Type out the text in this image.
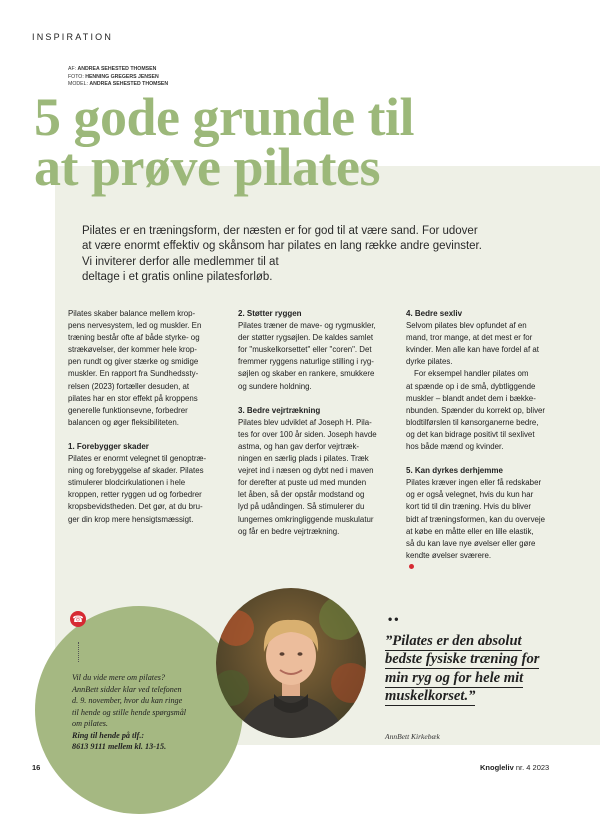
INSPIRATION
AF: ANDREA SEHESTED THOMSEN
FOTO: HENNING GREGERS JENSEN
MODEL: ANDREA SEHESTED THOMSEN
5 gode grunde til
at prøve pilates
Pilates er en træningsform, der næsten er for god til at være sand. For udover
at være enormt effektiv og skånsom har pilates en lang række andre gevinster.
Vi inviterer derfor alle medlemmer til at
deltage i et gratis online pilatesforløb.

Pilates skaber balance mellem krop-
pens nervesystem, led og muskler. En
træning består ofte af både styrke- og
strækøvelser, der kommer hele krop-
pen rundt og giver stærke og smidige
muskler. En rapport fra Sundhedssty-
relsen (2023) fortæller desuden, at
pilates har en stor effekt på kroppens
generelle funktionsevne, forbedrer
balancen og øger fleksibiliteten.

1. Forebygger skader

Pilates er enormt velegnet til genoptræ-
ning og forebyggelse af skader. Pilates
stimulerer blodcirkulationen i hele
kroppen, retter ryggen ud og forbedrer
kropsbevidstheden. Det gør, at du bru-
ger din krop mere hensigtsmæssigt.

2. Støtter ryggen

Pilates træner de mave- og rygmuskler,
der støtter rygsøjlen. De kaldes samlet
for "muskelkorsettet" eller "coren". Det
fremmer ryggens naturlige stilling i ryg-
søjlen og skaber en rankere, smukkere
og sundere holdning.

3. Bedre vejrtrækning

Pilates blev udviklet af Joseph H. Pila-
tes for over 100 år siden. Joseph havde
astma, og han gav derfor vejrtræk-
ningen en særlig plads i pilates. Træk
vejret ind i næsen og dybt ned i maven
for derefter at puste ud med munden
let åben, så der opstår modstand og
lyd på udåndingen. Så stimulerer du
lungernes omkringliggende muskulatur
og får en bedre vejrtrækning.

4. Bedre sexliv

Selvom pilates blev opfundet af en
mand, tror mange, at det mest er for
kvinder. Men alle kan have fordel af at
dyrke pilates.

For eksempel handler pilates om
at spænde op i de små, dybtliggende
muskler – blandt andet dem i bække-
nbunden. Spænder du korrekt op, bliver
blodtilførslen til kønsorganerne bedre,
og det kan bidrage positivt til sexlivet
hos både mænd og kvinder.

5. Kan dyrkes derhjemme

Pilates kræver ingen eller få redskaber
og er også velegnet, hvis du kun har
kort tid til din træning. Hvis du bliver
bidt af træningsformen, kan du overveje
at købe en måtte eller en lille elastik,
så du kan lave nye øvelser eller gøre
kendte øvelser sværere.

☎
Vil du vide mere om pilates?
AnnBett sidder klar ved telefonen
d. 9. november, hvor du kan ringe
til hende og stille hende spørgsmål
om pilates.
Ring til hende på tlf.:
8613 9111 mellem kl. 13-15.
••
”Pilates er den absolut
bedste fysiske træning for
min ryg og for hele mit
muskelkorset.”
AnnBett Kirkebæk
16	Knogleliv nr. 4 2023
